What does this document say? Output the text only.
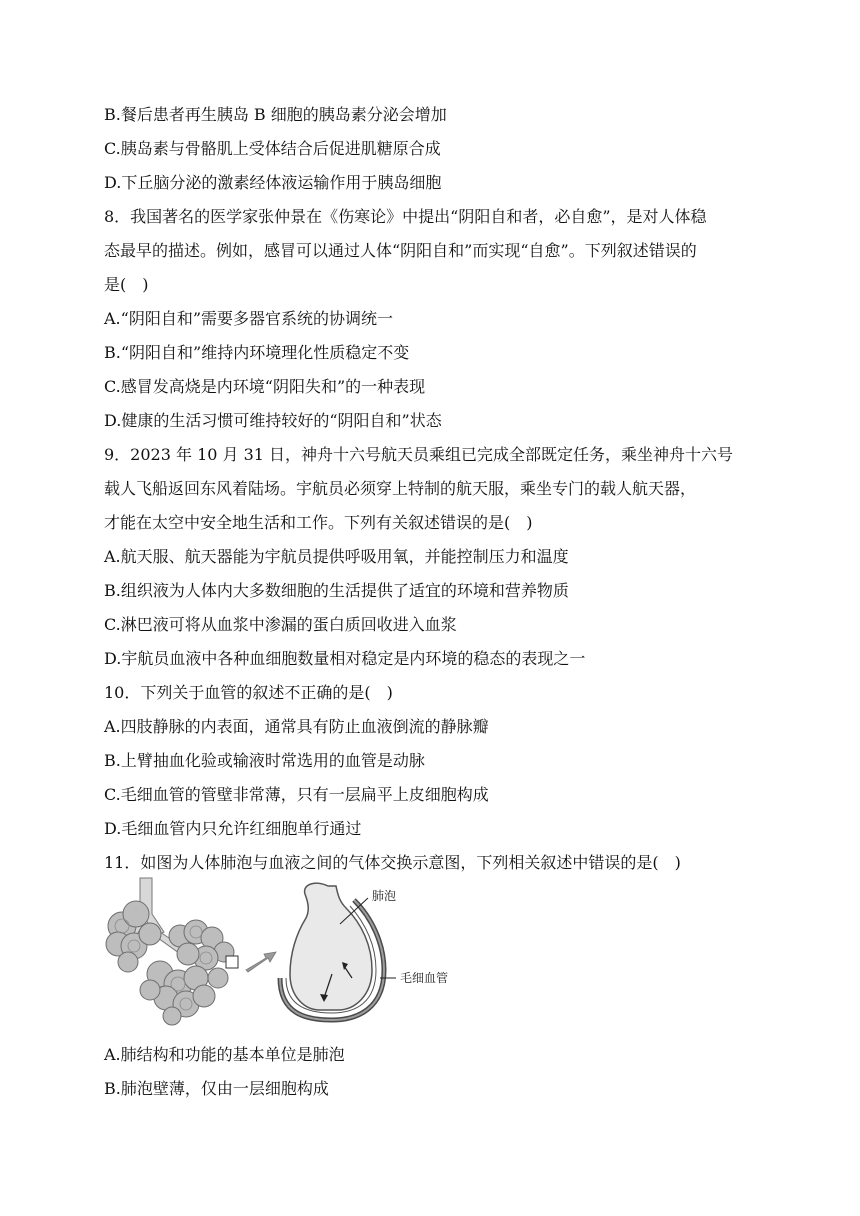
B.餐后患者再生胰岛 B 细胞的胰岛素分泌会增加
C.胰岛素与骨骼肌上受体结合后促进肌糖原合成
D.下丘脑分泌的激素经体液运输作用于胰岛细胞
8．我国著名的医学家张仲景在《伤寒论》中提出“阴阳自和者，必自愈”，是对人体稳
态最早的描述。例如，感冒可以通过人体“阴阳自和”而实现“自愈”。下列叙述错误的
是(　)
A.“阴阳自和”需要多器官系统的协调统一
B.“阴阳自和”维持内环境理化性质稳定不变
C.感冒发高烧是内环境“阴阳失和”的一种表现
D.健康的生活习惯可维持较好的“阴阳自和”状态
9．2023 年 10 月 31 日，神舟十六号航天员乘组已完成全部既定任务，乘坐神舟十六号
载人飞船返回东风着陆场。宇航员必须穿上特制的航天服，乘坐专门的载人航天器，
才能在太空中安全地生活和工作。下列有关叙述错误的是(　)
A.航天服、航天器能为宇航员提供呼吸用氧，并能控制压力和温度
B.组织液为人体内大多数细胞的生活提供了适宜的环境和营养物质
C.淋巴液可将从血浆中渗漏的蛋白质回收进入血浆
D.宇航员血液中各种血细胞数量相对稳定是内环境的稳态的表现之一
10．下列关于血管的叙述不正确的是(　)
A.四肢静脉的内表面，通常具有防止血液倒流的静脉瓣
B.上臂抽血化验或输液时常选用的血管是动脉
C.毛细血管的管壁非常薄，只有一层扁平上皮细胞构成
D.毛细血管内只允许红细胞单行通过
11．如图为人体肺泡与血液之间的气体交换示意图，下列相关叙述中错误的是(　)
肺泡
毛细血管
A.肺结构和功能的基本单位是肺泡
B.肺泡壁薄，仅由一层细胞构成
